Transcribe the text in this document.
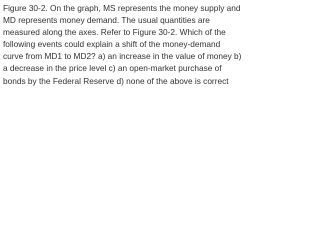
Figure 30-2. On the graph, MS represents the money supply and
MD represents money demand. The usual quantities are
measured along the axes. Refer to Figure 30-2. Which of the
following events could explain a shift of the money-demand
curve from MD1 to MD2? a) an increase in the value of money b)
a decrease in the price level c) an open-market purchase of
bonds by the Federal Reserve d) none of the above is correct
